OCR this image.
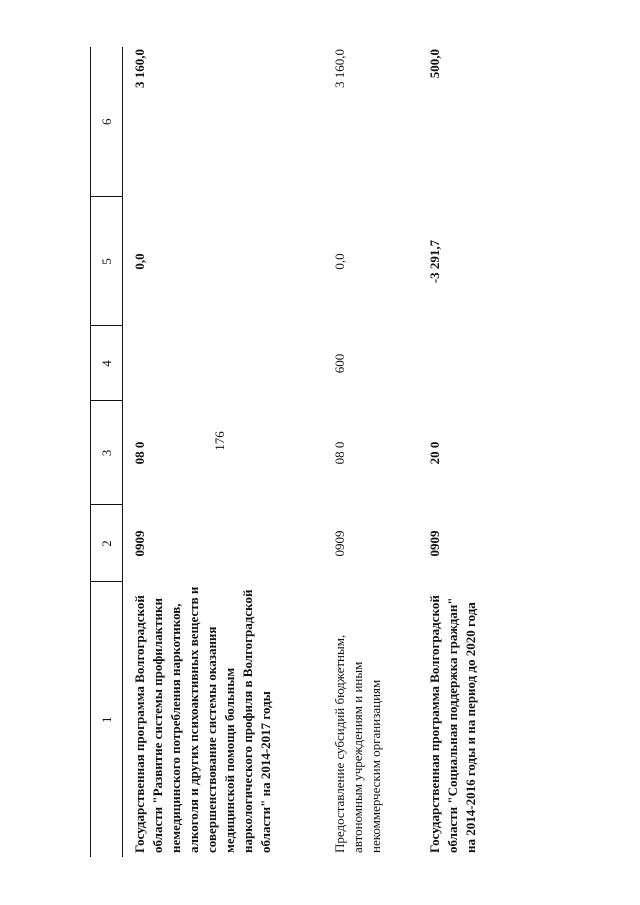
176
1	2	3	4	5	6
Государственная программа Волгоградской области "Развитие системы профилактики немедицинского потребления наркотиков, алкоголя и других психоактивных веществ и совершенствование системы оказания медицинской помощи больным наркологического профиля в Волгоградской области" на 2014-2017 годы	0909	08 0		0,0	3 160,0
Предоставление субсидий бюджетным, автономным учреждениям и иным некоммерческим организациям	0909	08 0	600	0,0	3 160,0
Государственная программа Волгоградской области "Социальная поддержка граждан" на 2014-2016 годы и на период до 2020 года	0909	20 0		-3 291,7	500,0
